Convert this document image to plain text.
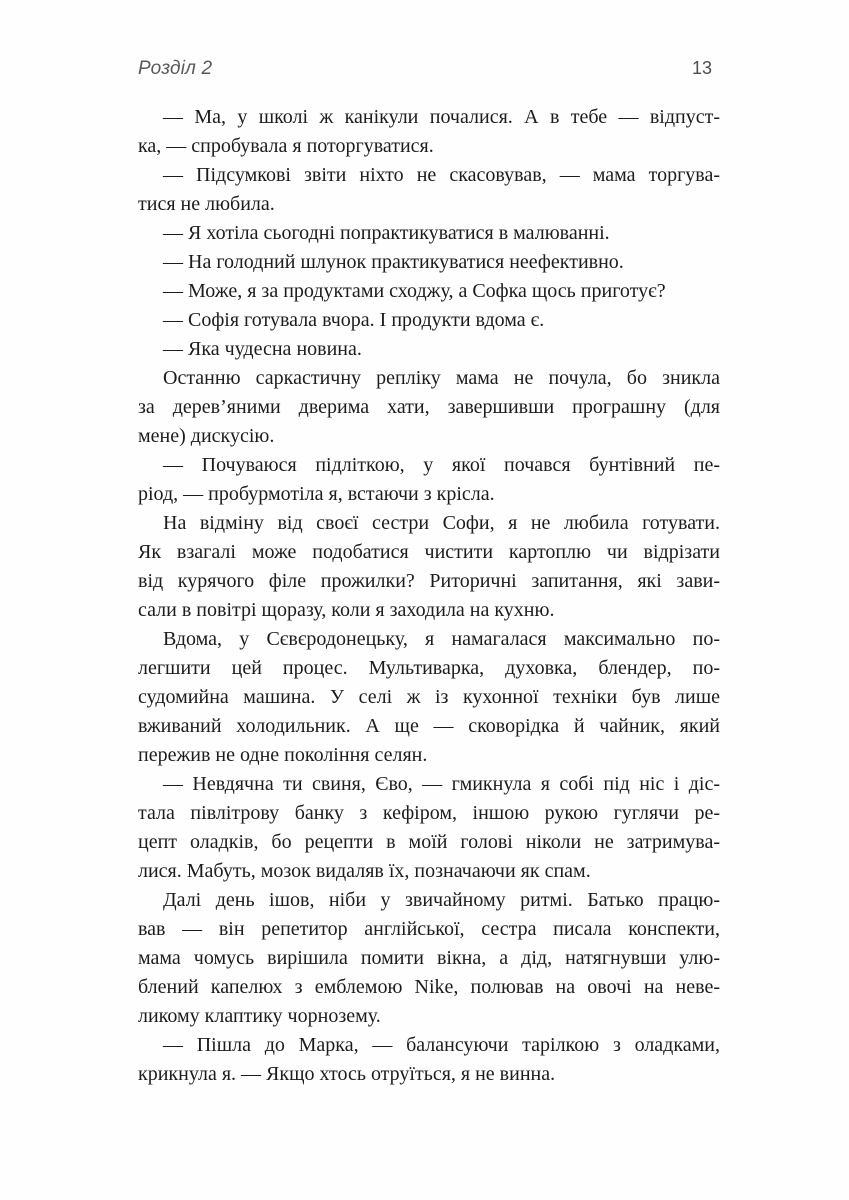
Розділ 2	13

— Ма, у школі ж канікули почалися. А в тебе — відпуст-
ка, — спробувала я поторгуватися.

— Підсумкові звіти ніхто не скасовував, — мама торгува-
тися не любила.

— Я хотіла сьогодні попрактикуватися в малюванні.

— На голодний шлунок практикуватися неефективно.

— Може, я за продуктами сходжу, а Софка щось приготує?

— Софія готувала вчора. І продукти вдома є.

— Яка чудесна новина.

Останню саркастичну репліку мама не почула, бо зникла
за дерев’яними дверима хати, завершивши програшну (для
мене) дискусію.

— Почуваюся підліткою, у якої почався бунтівний пе-
ріод, — пробурмотіла я, встаючи з крісла.

На відміну від своєї сестри Софи, я не любила готувати.
Як взагалі може подобатися чистити картоплю чи відрізати
від курячого філе прожилки? Риторичні запитання, які зави-
сали в повітрі щоразу, коли я заходила на кухню.

Вдома, у Сєвєродонецьку, я намагалася максимально по-
легшити цей процес. Мультиварка, духовка, блендер, по-
судомийна машина. У селі ж із кухонної техніки був лише
вживаний холодильник. А ще — сковорідка й чайник, який
пережив не одне покоління селян.

— Невдячна ти свиня, Єво, — гмикнула я собі під ніс і діс-
тала півлітрову банку з кефіром, іншою рукою гуглячи ре-
цепт оладків, бо рецепти в моїй голові ніколи не затримува-
лися. Мабуть, мозок видаляв їх, позначаючи як спам.

Далі день ішов, ніби у звичайному ритмі. Батько працю-
вав — він репетитор англійської, сестра писала конспекти,
мама чомусь вирішила помити вікна, а дід, натягнувши улю-
блений капелюх з емблемою Nike, полював на овочі на неве-
ликому клаптику чорнозему.

— Пішла до Марка, — балансуючи тарілкою з оладками,
крикнула я. — Якщо хтось отруїться, я не винна.
